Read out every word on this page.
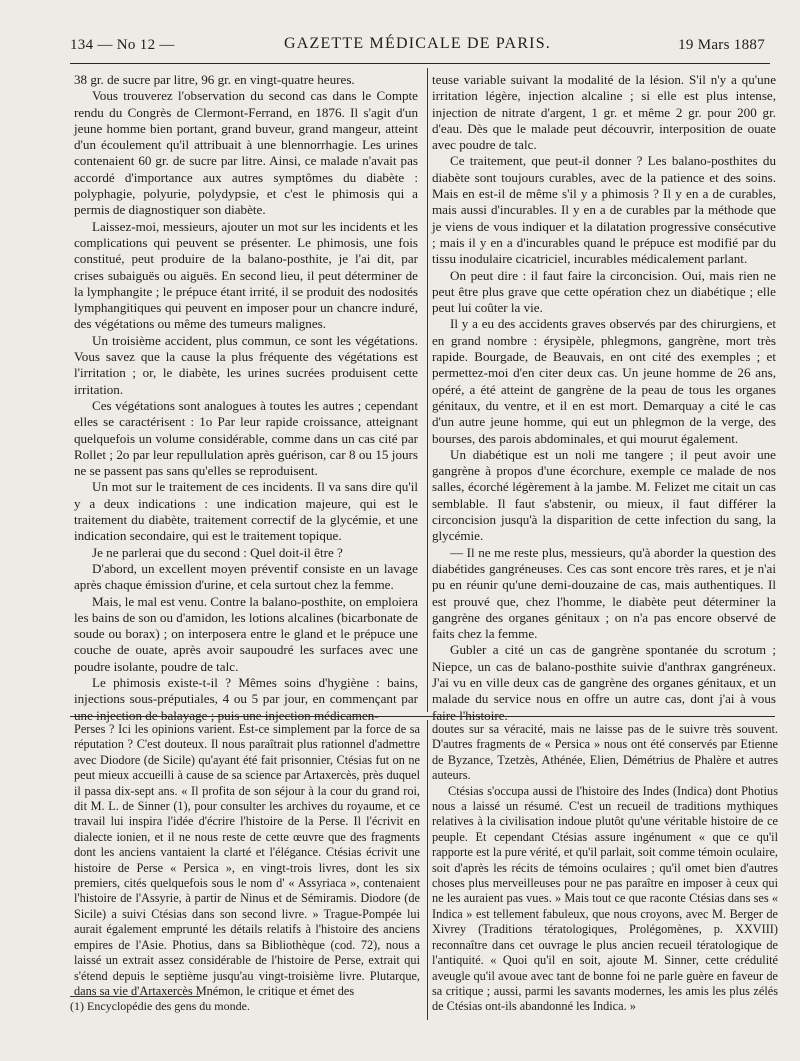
134 — No 12 —	GAZETTE MÉDICALE DE PARIS.	19 Mars 1887

38 gr. de sucre par litre, 96 gr. en vingt-quatre heures.

Vous trouverez l'observation du second cas dans le Compte rendu du Congrès de Clermont-Ferrand, en 1876. Il s'agit d'un jeune homme bien portant, grand buveur, grand mangeur, atteint d'un écoulement qu'il attribuait à une blennorrhagie. Les urines contenaient 60 gr. de sucre par litre. Ainsi, ce malade n'avait pas accordé d'importance aux autres symptômes du diabète : polyphagie, polyurie, polydypsie, et c'est le phimosis qui a permis de diagnostiquer son diabète.

Laissez-moi, messieurs, ajouter un mot sur les incidents et les complications qui peuvent se présenter. Le phimosis, une fois constitué, peut produire de la balano-posthite, je l'ai dit, par crises subaiguës ou aiguës. En second lieu, il peut déterminer de la lymphangite ; le prépuce étant irrité, il se produit des nodosités lymphangitiques qui peuvent en imposer pour un chancre induré, des végétations ou même des tumeurs malignes.

Un troisième accident, plus commun, ce sont les végétations. Vous savez que la cause la plus fréquente des végétations est l'irritation ; or, le diabète, les urines sucrées produisent cette irritation.

Ces végétations sont analogues à toutes les autres ; cependant elles se caractérisent : 1o Par leur rapide croissance, atteignant quelquefois un volume considérable, comme dans un cas cité par Rollet ; 2o par leur repullulation après guérison, car 8 ou 15 jours ne se passent pas sans qu'elles se reproduisent.

Un mot sur le traitement de ces incidents. Il va sans dire qu'il y a deux indications : une indication majeure, qui est le traitement du diabète, traitement correctif de la glycémie, et une indication secondaire, qui est le traitement topique.

Je ne parlerai que du second : Quel doit-il être ?

D'abord, un excellent moyen préventif consiste en un lavage après chaque émission d'urine, et cela surtout chez la femme.

Mais, le mal est venu. Contre la balano-posthite, on emploiera les bains de son ou d'amidon, les lotions alcalines (bicarbonate de soude ou borax) ; on interposera entre le gland et le prépuce une couche de ouate, après avoir saupoudré les surfaces avec une poudre isolante, poudre de talc.

Le phimosis existe-t-il ? Mêmes soins d'hygiène : bains, injections sous-préputiales, 4 ou 5 par jour, en commençant par une injection de balayage ; puis une injection médicamen-

teuse variable suivant la modalité de la lésion. S'il n'y a qu'une irritation légère, injection alcaline ; si elle est plus intense, injection de nitrate d'argent, 1 gr. et même 2 gr. pour 200 gr. d'eau. Dès que le malade peut découvrir, interposition de ouate avec poudre de talc.

Ce traitement, que peut-il donner ? Les balano-posthites du diabète sont toujours curables, avec de la patience et des soins. Mais en est-il de même s'il y a phimosis ? Il y en a de curables, mais aussi d'incurables. Il y en a de curables par la méthode que je viens de vous indiquer et la dilatation progressive consécutive ; mais il y en a d'incurables quand le prépuce est modifié par du tissu inodulaire cicatriciel, incurables médicalement parlant.

On peut dire : il faut faire la circoncision. Oui, mais rien ne peut être plus grave que cette opération chez un diabétique ; elle peut lui coûter la vie.

Il y a eu des accidents graves observés par des chirurgiens, et en grand nombre : érysipèle, phlegmons, gangrène, mort très rapide. Bourgade, de Beauvais, en ont cité des exemples ; et permettez-moi d'en citer deux cas. Un jeune homme de 26 ans, opéré, a été atteint de gangrène de la peau de tous les organes génitaux, du ventre, et il en est mort. Demarquay a cité le cas d'un autre jeune homme, qui eut un phlegmon de la verge, des bourses, des parois abdominales, et qui mourut également.

Un diabétique est un noli me tangere ; il peut avoir une gangrène à propos d'une écorchure, exemple ce malade de nos salles, écorché légèrement à la jambe. M. Felizet me citait un cas semblable. Il faut s'abstenir, ou mieux, il faut différer la circoncision jusqu'à la disparition de cette infection du sang, la glycémie.

— Il ne me reste plus, messieurs, qu'à aborder la question des diabétides gangréneuses. Ces cas sont encore très rares, et je n'ai pu en réunir qu'une demi-douzaine de cas, mais authentiques. Il est prouvé que, chez l'homme, le diabète peut déterminer la gangrène des organes génitaux ; on n'a pas encore observé de faits chez la femme.

Gubler a cité un cas de gangrène spontanée du scrotum ; Niepce, un cas de balano-posthite suivie d'anthrax gangréneux. J'ai vu en ville deux cas de gangrène des organes génitaux, et un malade du service nous en offre un autre cas, dont j'ai à vous faire l'histoire.

Perses ? Ici les opinions varient. Est-ce simplement par la force de sa réputation ? C'est douteux. Il nous paraîtrait plus rationnel d'admettre avec Diodore (de Sicile) qu'ayant été fait prisonnier, Ctésias fut on ne peut mieux accueilli à cause de sa science par Artaxercès, près duquel il passa dix-sept ans. « Il profita de son séjour à la cour du grand roi, dit M. L. de Sinner (1), pour consulter les archives du royaume, et ce travail lui inspira l'idée d'écrire l'histoire de la Perse. Il l'écrivit en dialecte ionien, et il ne nous reste de cette œuvre que des fragments dont les anciens vantaient la clarté et l'élégance. Ctésias écrivit une histoire de Perse « Persica », en vingt-trois livres, dont les six premiers, cités quelquefois sous le nom d' « Assyriaca », contenaient l'histoire de l'Assyrie, à partir de Ninus et de Sémiramis. Diodore (de Sicile) a suivi Ctésias dans son second livre. » Trague-Pompée lui aurait également emprunté les détails relatifs à l'histoire des anciens empires de l'Asie. Photius, dans sa Bibliothèque (cod. 72), nous a laissé un extrait assez considérable de l'histoire de Perse, extrait qui s'étend depuis le septième jusqu'au vingt-troisième livre. Plutarque, dans sa vie d'Artaxercès Mnémon, le critique et émet des

doutes sur sa véracité, mais ne laisse pas de le suivre très souvent. D'autres fragments de « Persica » nous ont été conservés par Etienne de Byzance, Tzetzès, Athénée, Elien, Démétrius de Phalère et autres auteurs.

Ctésias s'occupa aussi de l'histoire des Indes (Indica) dont Photius nous a laissé un résumé. C'est un recueil de traditions mythiques relatives à la civilisation indoue plutôt qu'une véritable histoire de ce peuple. Et cependant Ctésias assure ingénument « que ce qu'il rapporte est la pure vérité, et qu'il parlait, soit comme témoin oculaire, soit d'après les récits de témoins oculaires ; qu'il omet bien d'autres choses plus merveilleuses pour ne pas paraître en imposer à ceux qui ne les auraient pas vues. » Mais tout ce que raconte Ctésias dans ses « Indica » est tellement fabuleux, que nous croyons, avec M. Berger de Xivrey (Traditions tératologiques, Prolégomènes, p. XXVIII) reconnaître dans cet ouvrage le plus ancien recueil tératologique de l'antiquité. « Quoi qu'il en soit, ajoute M. Sinner, cette crédulité aveugle qu'il avoue avec tant de bonne foi ne parle guère en faveur de sa critique ; aussi, parmi les savants modernes, les amis les plus zélés de Ctésias ont-ils abandonné les Indica. »

(1) Encyclopédie des gens du monde.
